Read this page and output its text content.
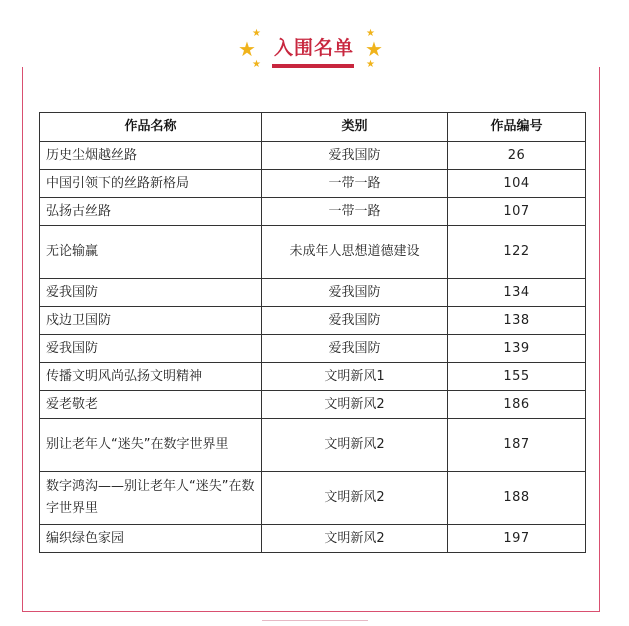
★
★
★
★
★
★
入围名单
作品名称	类别	作品编号
历史尘烟越丝路	爱我国防	26
中国引领下的丝路新格局	一带一路	104
弘扬古丝路	一带一路	107
无论输赢	未成年人思想道德建设	122
爱我国防	爱我国防	134
戍边卫国防	爱我国防	138
爱我国防	爱我国防	139
传播文明风尚弘扬文明精神	文明新风1	155
爱老敬老	文明新风2	186
别让老年人“迷失”在数字世界里	文明新风2	187
数字鸿沟——别让老年人“迷失”在数字世界里	文明新风2	188
编织绿色家园	文明新风2	197
